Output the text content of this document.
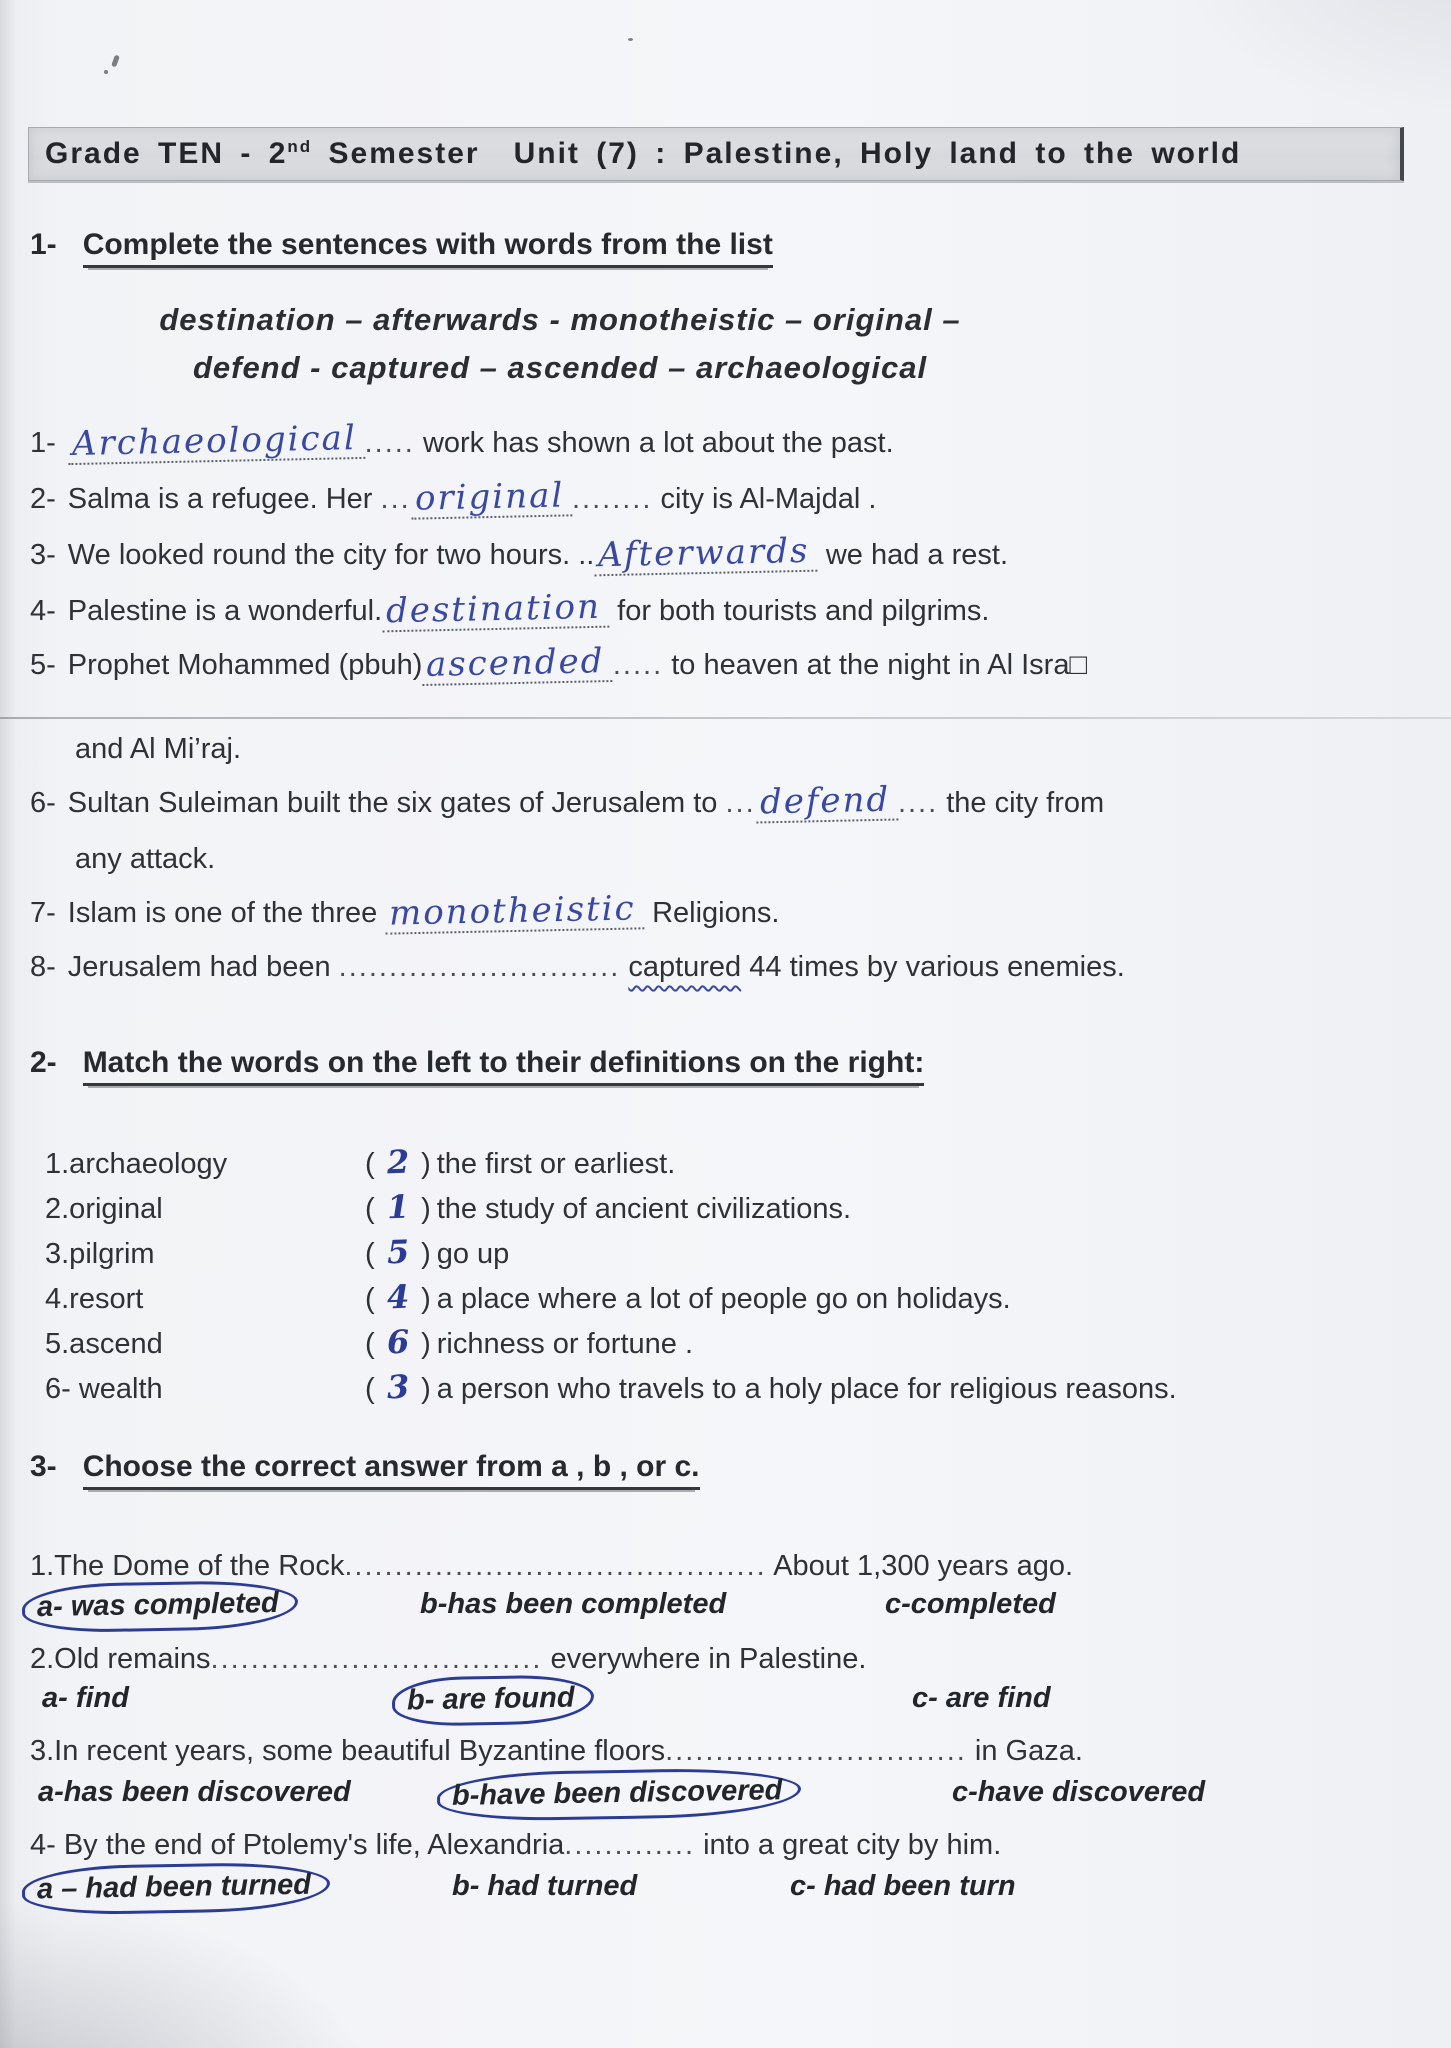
Grade TEN - 2nd Semester Unit (7) : Palestine, Holy land to the world
1- Complete the sentences with words from the list
destination – afterwards - monotheistic – original –
defend - captured – ascended – archaeological
1- Archaeological ..... work has shown a lot about the past.
2- Salma is a refugee. Her ... original ........ city is Al-Majdal .
3- We looked round the city for two hours. .. Afterwards we had a rest.
4- Palestine is a wonderful. destination for both tourists and pilgrims.
5- Prophet Mohammed (pbuh) ascended ..... to heaven at the night in Al Isra□
and Al Mi’raj.
6- Sultan Suleiman built the six gates of Jerusalem to ... defend .... the city from
any attack.
7- Islam is one of the three monotheistic Religions.
8- Jerusalem had been ............................ captured 44 times by various enemies.
2- Match the words on the left to their definitions on the right:
1.archaeology	( 2 ) the first or earliest.
2.original	( 1 ) the study of ancient civilizations.
3.pilgrim	( 5 ) go up
4.resort	( 4 ) a place where a lot of people go on holidays.
5.ascend	( 6 ) richness or fortune .
6- wealth	( 3 ) a person who travels to a holy place for religious reasons.
3- Choose the correct answer from a , b , or c.
1.The Dome of the Rock.......................................... About 1,300 years ago.
a- was completed	b-has been completed	c-completed
2.Old remains................................. everywhere in Palestine.
a- find	b- are found	c- are find
3.In recent years, some beautiful Byzantine floors.............................. in Gaza.
a-has been discovered	b-have been discovered	c-have discovered
4- By the end of Ptolemy's life, Alexandria............. into a great city by him.
a – had been turned	b- had turned	c- had been turn
